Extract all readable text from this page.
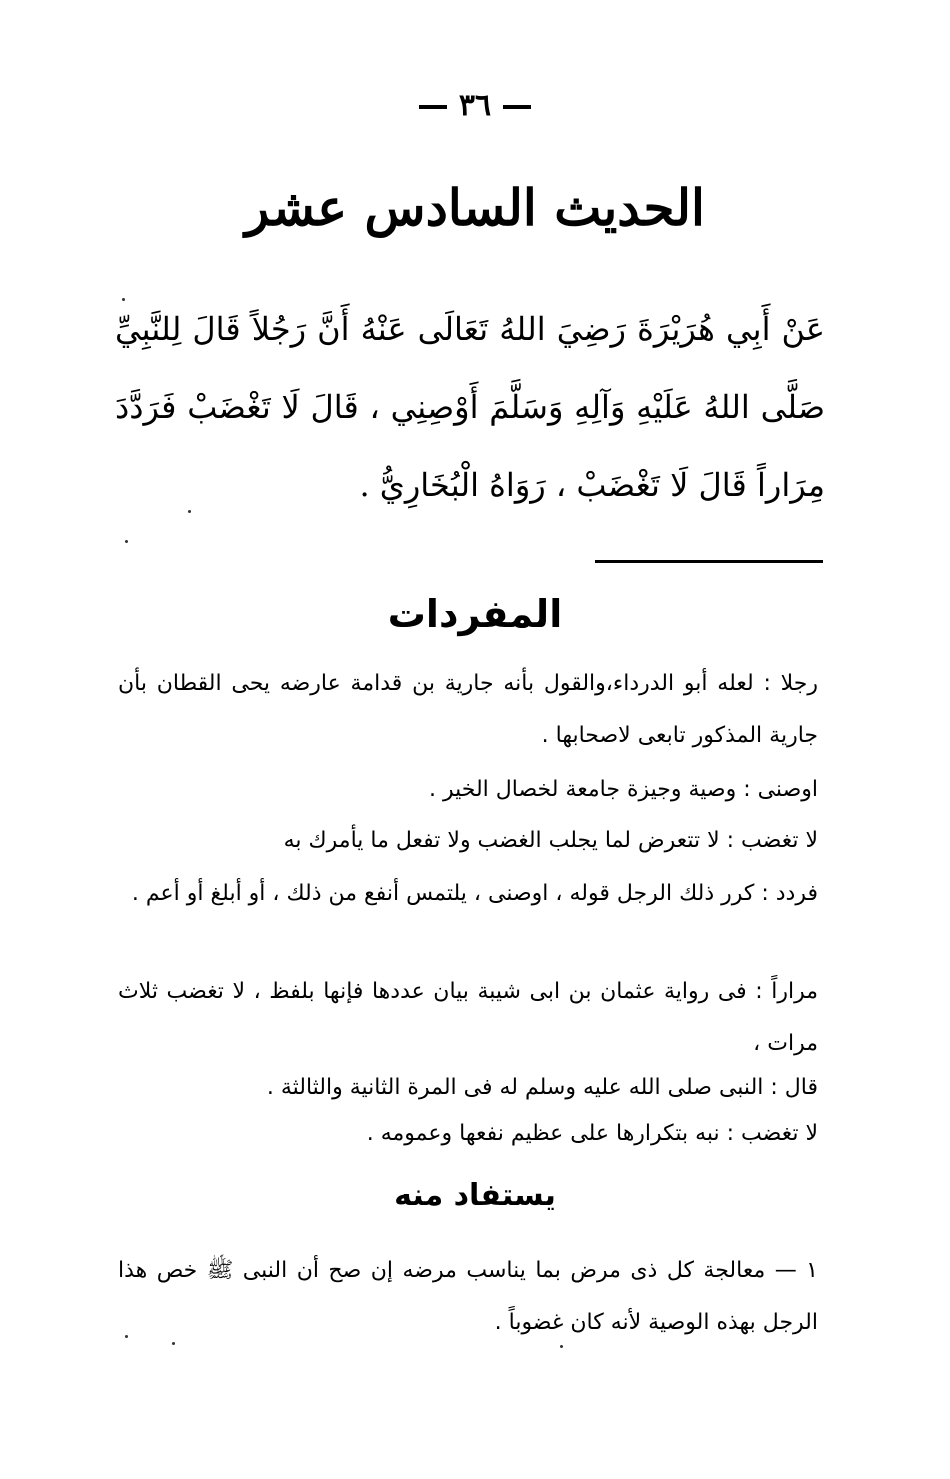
٣٦
الحديث السادس عشر
عَنْ أَبِي هُرَيْرَةَ رَضِيَ اللهُ تَعَالَى عَنْهُ أَنَّ رَجُلاً قَالَ لِلنَّبِيِّ صَلَّى اللهُ عَلَيْهِ وَآلِهِ وَسَلَّمَ أَوْصِنِي ، قَالَ لَا تَغْضَبْ فَرَدَّدَ مِرَاراً قَالَ لَا تَغْضَبْ ، رَوَاهُ الْبُخَارِيُّ .
المفردات
رجلا : لعله أبو الدرداء،والقول بأنه جارية بن قدامة عارضه يحى القطان بأن جارية المذكور تابعى لاصحابها .
اوصنى : وصية وجيزة جامعة لخصال الخير .
لا تغضب : لا تتعرض لما يجلب الغضب ولا تفعل ما يأمرك به
فردد : كرر ذلك الرجل قوله ، اوصنى ، يلتمس أنفع من ذلك ، أو أبلغ أو أعم .
مراراً : فى رواية عثمان بن ابى شيبة بيان عددها فإنها بلفظ ، لا تغضب ثلاث مرات ،
قال : النبى صلى الله عليه وسلم له فى المرة الثانية والثالثة .
لا تغضب : نبه بتكرارها على عظيم نفعها وعمومه .
يستفاد منه
١ — معالجة كل ذى مرض بما يناسب مرضه إن صح أن النبى ﷺ خص هذا الرجل بهذه الوصية لأنه كان غضوباً .
